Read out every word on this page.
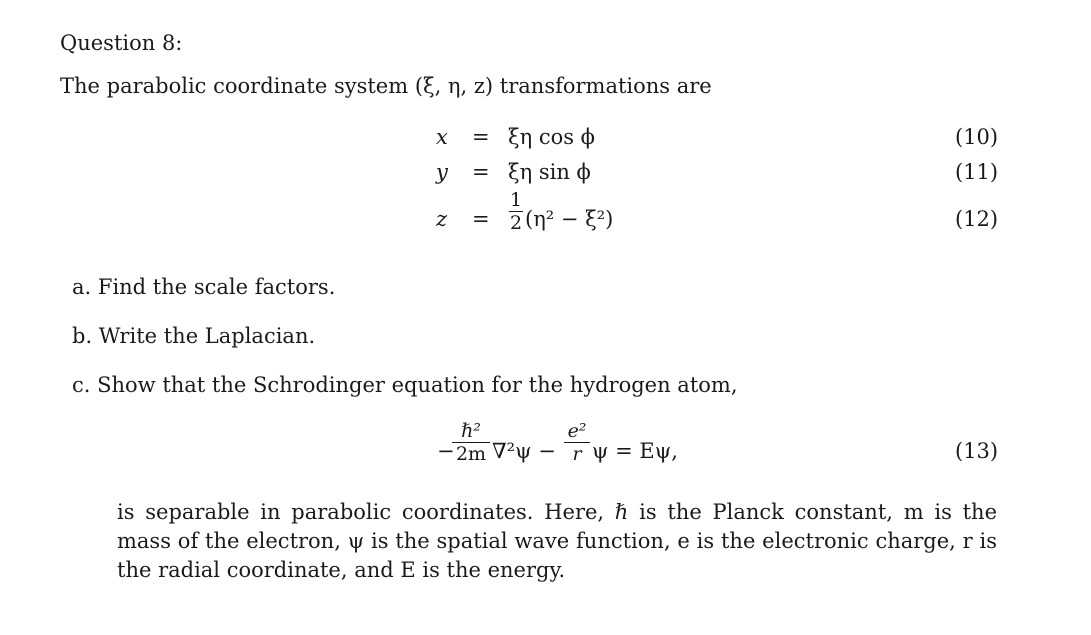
Question 8:
The parabolic coordinate system (ξ, η, z) transformations are
x = ξη cos ϕ	(10)
y = ξη sin ϕ	(11)
z =
1
2 (η² − ξ²)	(12)
a. Find the scale factors.
b. Write the Laplacian.
c. Show that the Schrodinger equation for the hydrogen atom,
−
ℏ²
2m ∇²ψ −
e²
r ψ = Eψ,	(13)
is separable in parabolic coordinates. Here, ℏ is the Planck constant, m is the mass of the electron, ψ is the spatial wave function, e is the electronic charge, r is the radial coordinate, and E is the energy.
